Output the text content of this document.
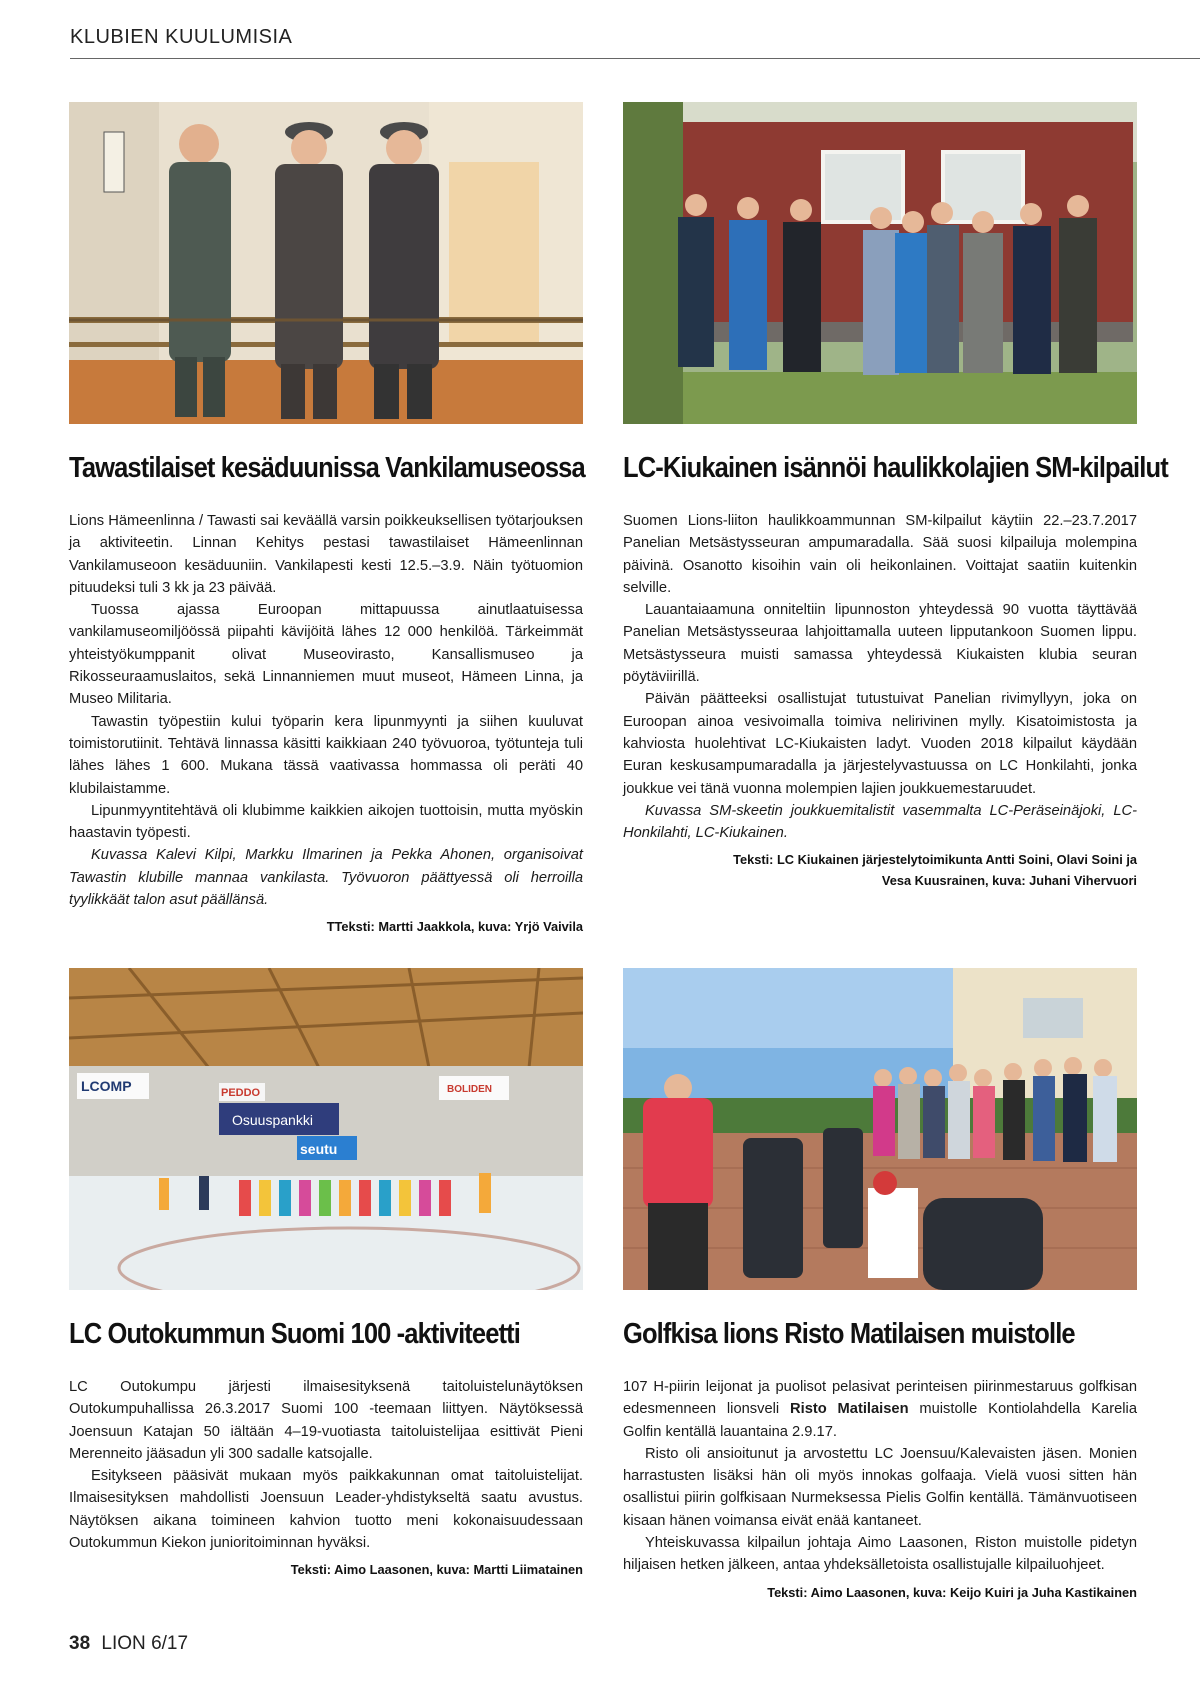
KLUBIEN KUULUMISIA
Tawastilaiset kesäduunissa Vankilamuseossa

Lions Hämeenlinna / Tawasti sai keväällä varsin poikkeuksellisen työtarjouksen ja aktiviteetin. Linnan Kehitys pestasi tawastilaiset Hämeenlinnan Vankilamuseoon kesäduuniin. Vankilapesti kesti 12.5.–3.9. Näin työtuomion pituudeksi tuli 3 kk ja 23 päivää.

Tuossa ajassa Euroopan mittapuussa ainutlaatuisessa vankilamuseomiljöössä piipahti kävijöitä lähes 12 000 henkilöä. Tärkeimmät yhteistyökumppanit olivat Museovirasto, Kansallismuseo ja Rikosseuraamuslaitos, sekä Linnanniemen muut museot, Hämeen Linna, ja Museo Militaria.

Tawastin työpestiin kului työparin kera lipunmyynti ja siihen kuuluvat toimistorutiinit. Tehtävä linnassa käsitti kaikkiaan 240 työvuoroa, työtunteja tuli lähes lähes 1 600. Mukana tässä vaativassa hommassa oli peräti 40 klubilaistamme.

Lipunmyyntitehtävä oli klubimme kaikkien aikojen tuottoisin, mutta myöskin haastavin työpesti.

Kuvassa Kalevi Kilpi, Markku Ilmarinen ja Pekka Ahonen, organisoivat Tawastin klubille mannaa vankilasta. Työvuoron päättyessä oli herroilla tyylikkäät talon asut päällänsä.

TTeksti: Martti Jaakkola, kuva: Yrjö Vaivila
LC-Kiukainen isännöi haulikkolajien SM-kilpailut

Suomen Lions-liiton haulikkoammunnan SM-kilpailut käytiin 22.–23.7.2017 Panelian Metsästysseuran ampumaradalla. Sää suosi kilpailuja molempina päivinä. Osanotto kisoihin vain oli heikonlainen. Voittajat saatiin kuitenkin selville.

Lauantaiaamuna onniteltiin lipunnoston yhteydessä 90 vuotta täyttävää Panelian Metsästysseuraa lahjoittamalla uuteen lipputankoon Suomen lippu. Metsästysseura muisti samassa yhteydessä Kiukaisten klubia seuran pöytäviirillä.

Päivän päätteeksi osallistujat tutustuivat Panelian rivimyllyyn, joka on Euroopan ainoa vesivoimalla toimiva nelirivinen mylly. Kisatoimistosta ja kahviosta huolehtivat LC-Kiukaisten ladyt. Vuoden 2018 kilpailut käydään Euran keskusampumaradalla ja järjestelyvastuussa on LC Honkilahti, jonka joukkue vei tänä vuonna molempien lajien joukkuemestaruudet.

Kuvassa SM-skeetin joukkuemitalistit vasemmalta LC-Peräseinäjoki, LC-Honkilahti, LC-Kiukainen.

Teksti: LC Kiukainen järjestelytoimikunta Antti Soini, Olavi Soini ja
Vesa Kuusrainen, kuva: Juhani Vihervuori
LCOMP	PEDDO
Osuuspankki
seutu
BOLIDEN
LC Outokummun Suomi 100 -aktiviteetti

LC Outokumpu järjesti ilmaisesityksenä taitoluistelunäytöksen Outokumpuhallissa 26.3.2017 Suomi 100 -teemaan liittyen. Näytöksessä Joensuun Katajan 50 iältään 4–19-vuotiasta taitoluistelijaa esittivät Pieni Merenneito jääsadun yli 300 sadalle katsojalle.

Esitykseen pääsivät mukaan myös paikkakunnan omat taitoluistelijat. Ilmaisesityksen mahdollisti Joensuun Leader-yhdistykseltä saatu avustus. Näytöksen aikana toimineen kahvion tuotto meni kokonaisuudessaan Outokummun Kiekon junioritoiminnan hyväksi.

Teksti: Aimo Laasonen, kuva: Martti Liimatainen
Golfkisa lions Risto Matilaisen muistolle

107 H-piirin leijonat ja puolisot pelasivat perinteisen piirinmestaruus golfkisan edesmenneen lionsveli Risto Matilaisen muistolle Kontiolahdella Karelia Golfin kentällä lauantaina 2.9.17.

Risto oli ansioitunut ja arvostettu LC Joensuu/Kalevaisten jäsen. Monien harrastusten lisäksi hän oli myös innokas golfaaja. Vielä vuosi sitten hän osallistui piirin golfkisaan Nurmeksessa Pielis Golfin kentällä. Tämänvuotiseen kisaan hänen voimansa eivät enää kantaneet.

Yhteiskuvassa kilpailun johtaja Aimo Laasonen, Riston muistolle pidetyn hiljaisen hetken jälkeen, antaa yhdeksälletoista osallistujalle kilpailuohjeet.

Teksti: Aimo Laasonen, kuva: Keijo Kuiri ja Juha Kastikainen
38 LION 6/17
